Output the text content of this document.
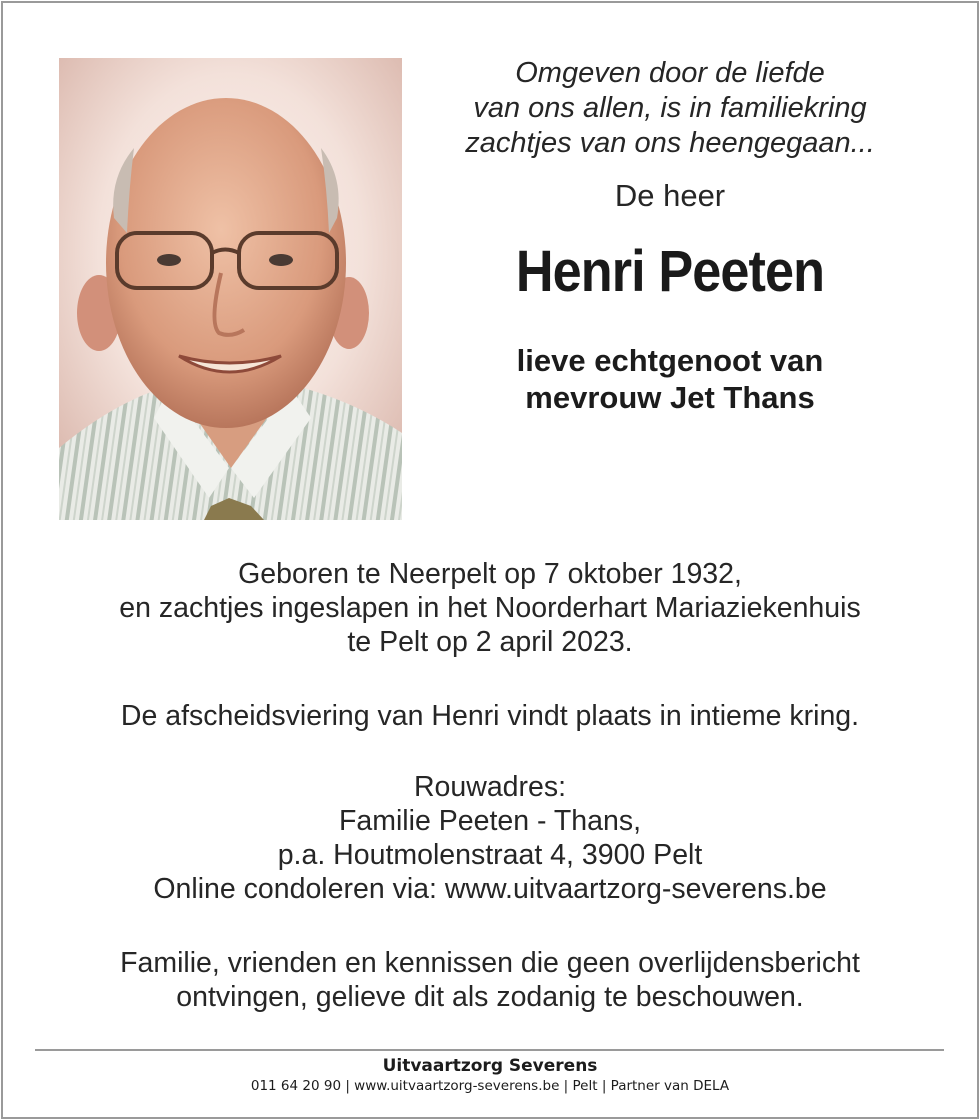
Omgeven door de liefde
van ons allen, is in familiekring
zachtjes van ons heengegaan...
De heer
Henri Peeten
lieve echtgenoot van
mevrouw Jet Thans
Geboren te Neerpelt op 7 oktober 1932,
en zachtjes ingeslapen in het Noorderhart Mariaziekenhuis
te Pelt op 2 april 2023.
De afscheidsviering van Henri vindt plaats in intieme kring.
Rouwadres:
Familie Peeten - Thans,
p.a. Houtmolenstraat 4, 3900 Pelt
Online condoleren via: www.uitvaartzorg-severens.be
Familie, vrienden en kennissen die geen overlijdensbericht
ontvingen, gelieve dit als zodanig te beschouwen.
Uitvaartzorg Severens
011 64 20 90 | www.uitvaartzorg-severens.be | Pelt | Partner van DELA
